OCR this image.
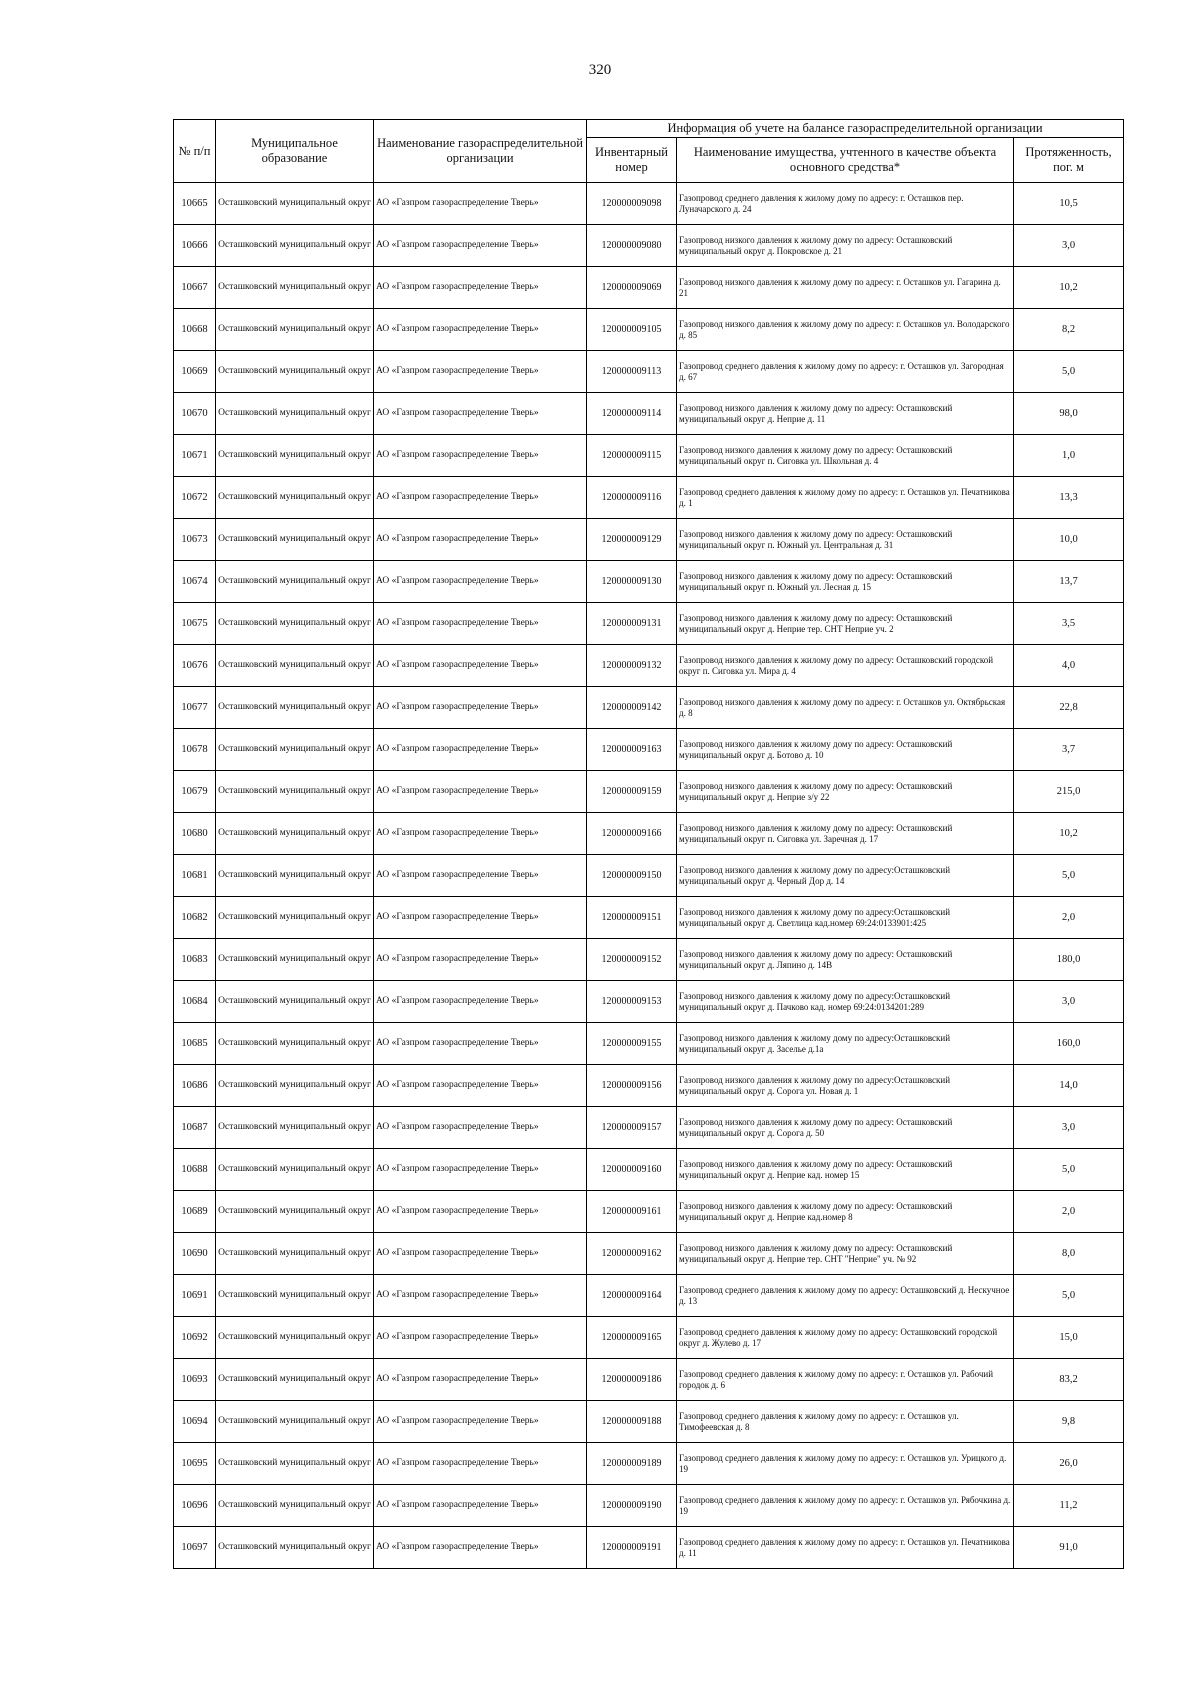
320
№ п/п	Муниципальное образование	Наименование газораспределительной организации	Информация об учете на балансе газораспределительной организации		
			Инвентарный номер	Наименование имущества, учтенного в качестве объекта основного средства*	Протяженность, пог. м
10665	Осташковский муниципальный округ	АО «Газпром газораспределение Тверь»	120000009098	Газопровод среднего давления к жилому дому по адресу: г. Осташков пер. Луначарского д. 24	10,5
10666	Осташковский муниципальный округ	АО «Газпром газораспределение Тверь»	120000009080	Газопровод низкого давления к жилому дому по адресу: Осташковский муниципальный округ д. Покровское д. 21	3,0
10667	Осташковский муниципальный округ	АО «Газпром газораспределение Тверь»	120000009069	Газопровод низкого давления к жилому дому по адресу: г. Осташков ул. Гагарина д. 21	10,2
10668	Осташковский муниципальный округ	АО «Газпром газораспределение Тверь»	120000009105	Газопровод низкого давления к жилому дому по адресу: г. Осташков ул. Володарского д. 85	8,2
10669	Осташковский муниципальный округ	АО «Газпром газораспределение Тверь»	120000009113	Газопровод среднего давления к жилому дому по адресу: г. Осташков ул. Загородная д. 67	5,0
10670	Осташковский муниципальный округ	АО «Газпром газораспределение Тверь»	120000009114	Газопровод низкого давления к жилому дому по адресу: Осташковский муниципальный округ д. Неприе д. 11	98,0
10671	Осташковский муниципальный округ	АО «Газпром газораспределение Тверь»	120000009115	Газопровод низкого давления к жилому дому по адресу: Осташковский муниципальный округ п. Сиговка ул. Школьная д. 4	1,0
10672	Осташковский муниципальный округ	АО «Газпром газораспределение Тверь»	120000009116	Газопровод среднего давления к жилому дому по адресу: г. Осташков ул. Печатникова д. 1	13,3
10673	Осташковский муниципальный округ	АО «Газпром газораспределение Тверь»	120000009129	Газопровод низкого давления к жилому дому по адресу: Осташковский муниципальный округ п. Южный ул. Центральная д. 31	10,0
10674	Осташковский муниципальный округ	АО «Газпром газораспределение Тверь»	120000009130	Газопровод низкого давления к жилому дому по адресу: Осташковский муниципальный округ п. Южный ул. Лесная д. 15	13,7
10675	Осташковский муниципальный округ	АО «Газпром газораспределение Тверь»	120000009131	Газопровод низкого давления к жилому дому по адресу: Осташковский муниципальный округ д. Неприе тер. СНТ Неприе уч. 2	3,5
10676	Осташковский муниципальный округ	АО «Газпром газораспределение Тверь»	120000009132	Газопровод низкого давления к жилому дому по адресу: Осташковский городской округ п. Сиговка ул. Мира д. 4	4,0
10677	Осташковский муниципальный округ	АО «Газпром газораспределение Тверь»	120000009142	Газопровод низкого давления к жилому дому по адресу: г. Осташков ул. Октябрьская д. 8	22,8
10678	Осташковский муниципальный округ	АО «Газпром газораспределение Тверь»	120000009163	Газопровод низкого давления к жилому дому по адресу: Осташковский муниципальный округ д. Ботово д. 10	3,7
10679	Осташковский муниципальный округ	АО «Газпром газораспределение Тверь»	120000009159	Газопровод низкого давления к жилому дому по адресу: Осташковский муниципальный округ д. Неприе з/у 22	215,0
10680	Осташковский муниципальный округ	АО «Газпром газораспределение Тверь»	120000009166	Газопровод низкого давления к жилому дому по адресу: Осташковский муниципальный округ п. Сиговка ул. Заречная д. 17	10,2
10681	Осташковский муниципальный округ	АО «Газпром газораспределение Тверь»	120000009150	Газопровод низкого давления к жилому дому по адресу:Осташковский муниципальный округ д. Черный Дор д. 14	5,0
10682	Осташковский муниципальный округ	АО «Газпром газораспределение Тверь»	120000009151	Газопровод низкого давления к жилому дому по адресу:Осташковский муниципальный округ д. Светлица кад.номер 69:24:0133901:425	2,0
10683	Осташковский муниципальный округ	АО «Газпром газораспределение Тверь»	120000009152	Газопровод низкого давления к жилому дому по адресу: Осташковский муниципальный округ д. Ляпино д. 14В	180,0
10684	Осташковский муниципальный округ	АО «Газпром газораспределение Тверь»	120000009153	Газопровод низкого давления к жилому дому по адресу:Осташковский муниципальный округ д. Пачково кад. номер 69:24:0134201:289	3,0
10685	Осташковский муниципальный округ	АО «Газпром газораспределение Тверь»	120000009155	Газопровод низкого давления к жилому дому по адресу:Осташковский муниципальный округ д. Заселье д.1а	160,0
10686	Осташковский муниципальный округ	АО «Газпром газораспределение Тверь»	120000009156	Газопровод низкого давления к жилому дому по адресу:Осташковский муниципальный округ д. Сорога ул. Новая д. 1	14,0
10687	Осташковский муниципальный округ	АО «Газпром газораспределение Тверь»	120000009157	Газопровод низкого давления к жилому дому по адресу: Осташковский муниципальный округ д. Сорога д. 50	3,0
10688	Осташковский муниципальный округ	АО «Газпром газораспределение Тверь»	120000009160	Газопровод низкого давления к жилому дому по адресу: Осташковский муниципальный округ д. Неприе кад. номер 15	5,0
10689	Осташковский муниципальный округ	АО «Газпром газораспределение Тверь»	120000009161	Газопровод низкого давления к жилому дому по адресу: Осташковский муниципальный округ д. Неприе кад.номер 8	2,0
10690	Осташковский муниципальный округ	АО «Газпром газораспределение Тверь»	120000009162	Газопровод низкого давления к жилому дому по адресу: Осташковский муниципальный округ д. Неприе тер. СНТ "Неприе" уч. № 92	8,0
10691	Осташковский муниципальный округ	АО «Газпром газораспределение Тверь»	120000009164	Газопровод среднего давления к жилому дому по адресу: Осташковский д. Нескучное д. 13	5,0
10692	Осташковский муниципальный округ	АО «Газпром газораспределение Тверь»	120000009165	Газопровод среднего давления к жилому дому по адресу: Осташковский городской округ д. Жулево д. 17	15,0
10693	Осташковский муниципальный округ	АО «Газпром газораспределение Тверь»	120000009186	Газопровод среднего давления к жилому дому по адресу: г. Осташков ул. Рабочий городок д. 6	83,2
10694	Осташковский муниципальный округ	АО «Газпром газораспределение Тверь»	120000009188	Газопровод среднего давления к жилому дому по адресу: г. Осташков ул. Тимофеевская д. 8	9,8
10695	Осташковский муниципальный округ	АО «Газпром газораспределение Тверь»	120000009189	Газопровод среднего давления к жилому дому по адресу: г. Осташков ул. Урицкого д. 19	26,0
10696	Осташковский муниципальный округ	АО «Газпром газораспределение Тверь»	120000009190	Газопровод среднего давления к жилому дому по адресу: г. Осташков ул. Рябочкина д. 19	11,2
10697	Осташковский муниципальный округ	АО «Газпром газораспределение Тверь»	120000009191	Газопровод среднего давления к жилому дому по адресу: г. Осташков ул. Печатникова д. 11	91,0
